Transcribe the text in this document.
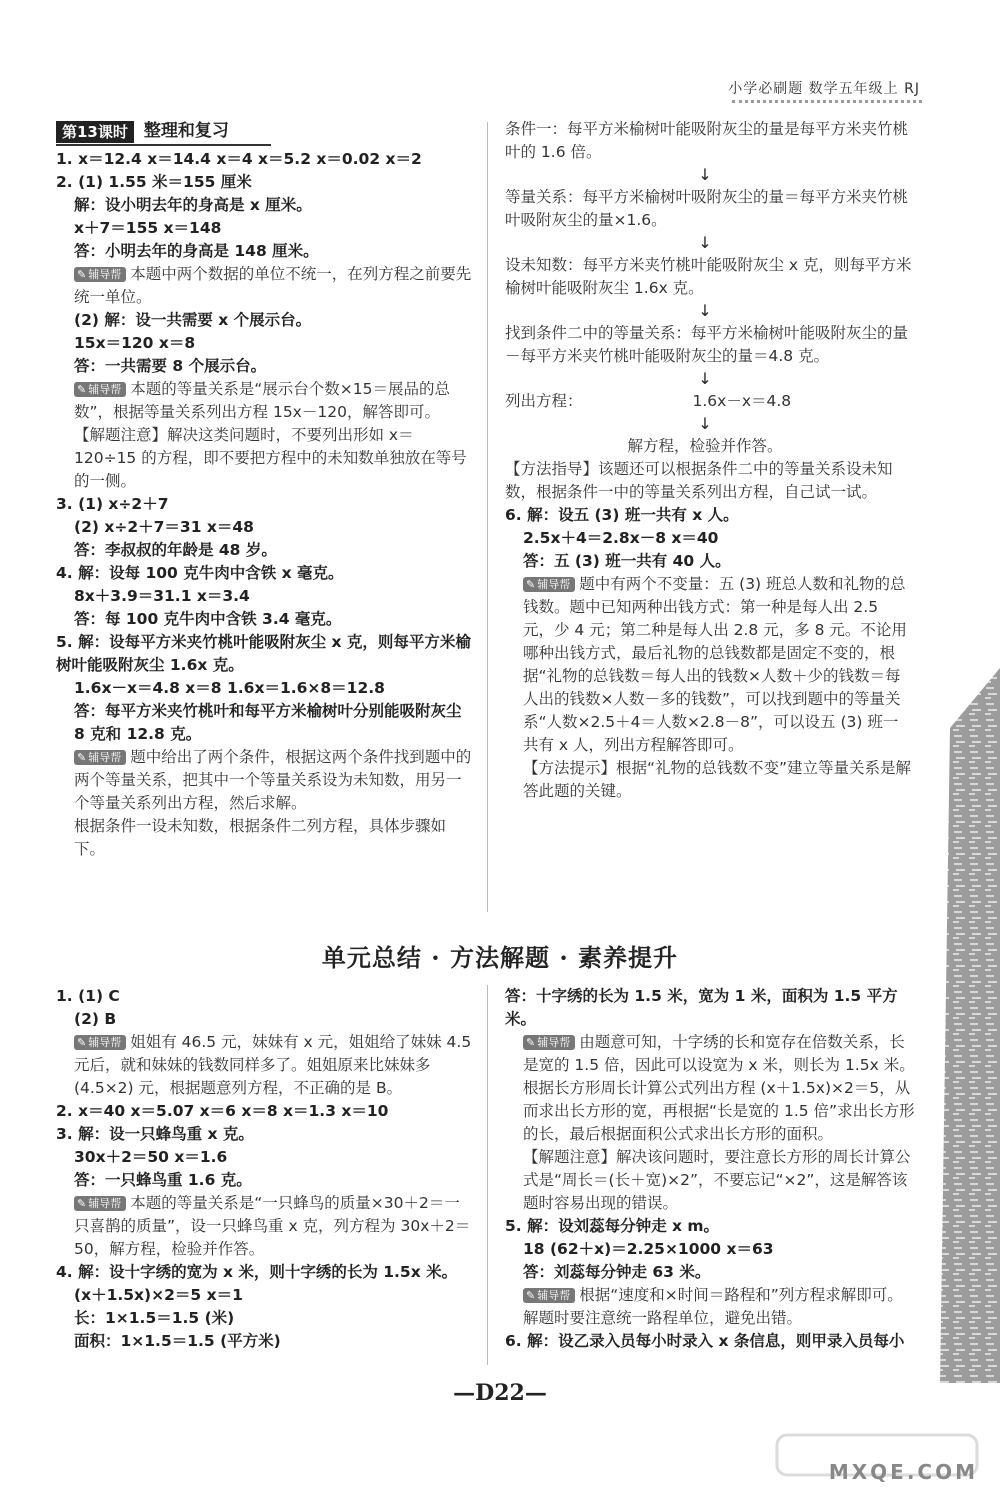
小学必刷题 数学五年级上 RJ
第13课时 整理和复习

1. x＝12.4 x＝14.4 x＝4 x＝5.2 x＝0.02 x＝2

2. (1) 1.55 米＝155 厘米

解：设小明去年的身高是 x 厘米。

x＋7＝155 x＝148

答：小明去年的身高是 148 厘米。

✎ 辅导帮 本题中两个数据的单位不统一，在列方程之前要先统一单位。

(2) 解：设一共需要 x 个展示台。

15x＝120 x＝8

答：一共需要 8 个展示台。

✎ 辅导帮 本题的等量关系是“展示台个数×15＝展品的总数”，根据等量关系列出方程 15x－120，解答即可。

【解题注意】解决这类问题时，不要列出形如 x＝120÷15 的方程，即不要把方程中的未知数单独放在等号的一侧。

3. (1) x÷2＋7

(2) x÷2＋7＝31 x＝48

答：李叔叔的年龄是 48 岁。

4. 解：设每 100 克牛肉中含铁 x 毫克。

8x＋3.9＝31.1 x＝3.4

答：每 100 克牛肉中含铁 3.4 毫克。

5. 解：设每平方米夹竹桃叶能吸附灰尘 x 克，则每平方米榆树叶能吸附灰尘 1.6x 克。

1.6x－x＝4.8 x＝8 1.6x＝1.6×8＝12.8

答：每平方米夹竹桃叶和每平方米榆树叶分别能吸附灰尘 8 克和 12.8 克。

✎ 辅导帮 题中给出了两个条件，根据这两个条件找到题中的两个等量关系，把其中一个等量关系设为未知数，用另一个等量关系列出方程，然后求解。

根据条件一设未知数，根据条件二列方程，具体步骤如下。

条件一：每平方米榆树叶能吸附灰尘的量是每平方米夹竹桃叶的 1.6 倍。

↓

等量关系：每平方米榆树叶吸附灰尘的量＝每平方米夹竹桃叶吸附灰尘的量×1.6。

↓

设未知数：每平方米夹竹桃叶能吸附灰尘 x 克，则每平方米榆树叶能吸附灰尘 1.6x 克。

↓

找到条件二中的等量关系：每平方米榆树叶能吸附灰尘的量－每平方米夹竹桃叶能吸附灰尘的量＝4.8 克。

↓

列出方程：	1.6x－x＝4.8

↓

解方程，检验并作答。

【方法指导】该题还可以根据条件二中的等量关系设未知数，根据条件一中的等量关系列出方程，自己试一试。

6. 解：设五 (3) 班一共有 x 人。

2.5x＋4＝2.8x－8 x＝40

答：五 (3) 班一共有 40 人。

✎ 辅导帮 题中有两个不变量：五 (3) 班总人数和礼物的总钱数。题中已知两种出钱方式：第一种是每人出 2.5 元，少 4 元；第二种是每人出 2.8 元，多 8 元。不论用哪种出钱方式，最后礼物的总钱数都是固定不变的，根据“礼物的总钱数＝每人出的钱数×人数＋少的钱数＝每人出的钱数×人数－多的钱数”，可以找到题中的等量关系“人数×2.5＋4＝人数×2.8－8”，可以设五 (3) 班一共有 x 人，列出方程解答即可。

【方法提示】根据“礼物的总钱数不变”建立等量关系是解答此题的关键。

单元总结 · 方法解题 · 素养提升

1. (1) C

(2) B

✎ 辅导帮 姐姐有 46.5 元，妹妹有 x 元，姐姐给了妹妹 4.5 元后，就和妹妹的钱数同样多了。姐姐原来比妹妹多 (4.5×2) 元，根据题意列方程，不正确的是 B。

2. x＝40 x＝5.07 x＝6 x＝8 x＝1.3 x＝10

3. 解：设一只蜂鸟重 x 克。

30x＋2＝50 x＝1.6

答：一只蜂鸟重 1.6 克。

✎ 辅导帮 本题的等量关系是“一只蜂鸟的质量×30＋2＝一只喜鹊的质量”，设一只蜂鸟重 x 克，列方程为 30x＋2＝50，解方程，检验并作答。

4. 解：设十字绣的宽为 x 米，则十字绣的长为 1.5x 米。

(x＋1.5x)×2＝5 x＝1

长：1×1.5＝1.5 (米)

面积：1×1.5＝1.5 (平方米)

答：十字绣的长为 1.5 米，宽为 1 米，面积为 1.5 平方米。

✎ 辅导帮 由题意可知，十字绣的长和宽存在倍数关系，长是宽的 1.5 倍，因此可以设宽为 x 米，则长为 1.5x 米。根据长方形周长计算公式列出方程 (x＋1.5x)×2＝5，从而求出长方形的宽，再根据“长是宽的 1.5 倍”求出长方形的长，最后根据面积公式求出长方形的面积。

【解题注意】解决该问题时，要注意长方形的周长计算公式是“周长＝(长＋宽)×2”，不要忘记“×2”，这是解答该题时容易出现的错误。

5. 解：设刘蕊每分钟走 x m。

18 (62＋x)＝2.25×1000 x＝63

答：刘蕊每分钟走 63 米。

✎ 辅导帮 根据“速度和×时间＝路程和”列方程求解即可。解题时要注意统一路程单位，避免出错。

6. 解：设乙录入员每小时录入 x 条信息，则甲录入员每小

—D22—
MXQE.COM
